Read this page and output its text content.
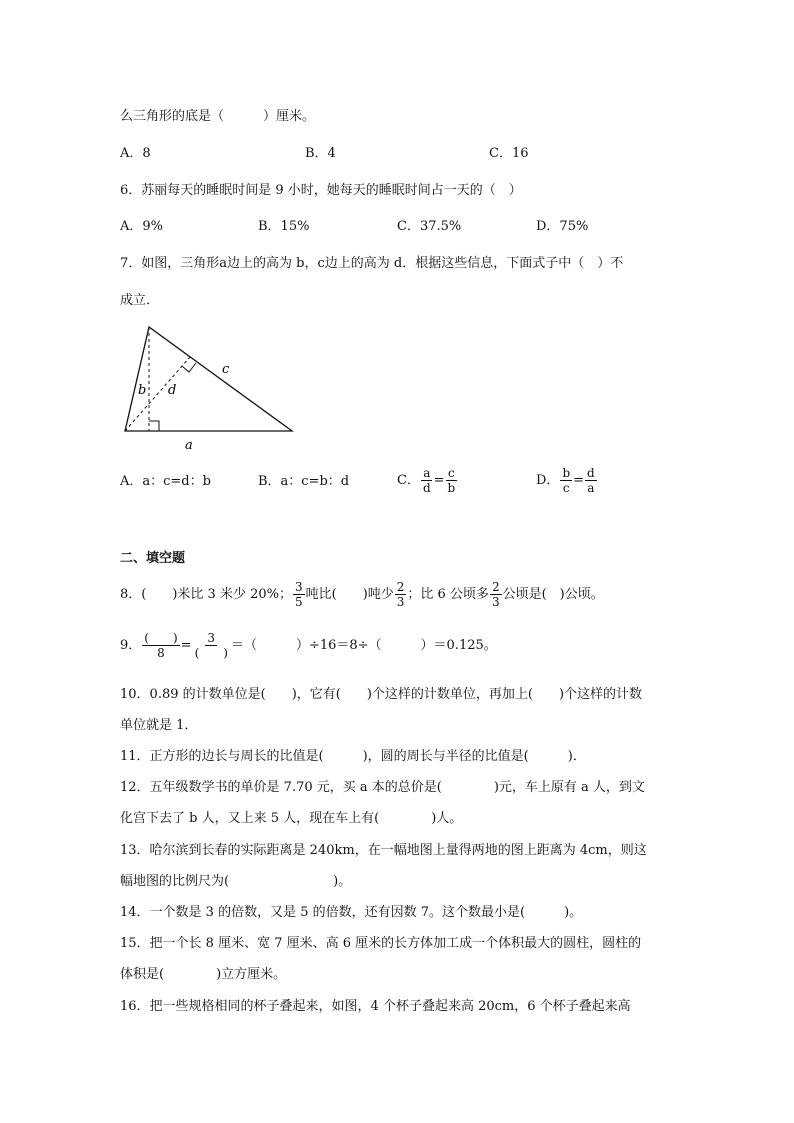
么三角形的底是（　　　）厘米。
A．8	B．4	C．16
6．苏丽每天的睡眠时间是 9 小时，她每天的睡眠时间占一天的（　）
A．9%	B．15%	C．37.5%	D．75%
7．如图，三角形a边上的高为 b，c边上的高为 d．根据这些信息，下面式子中（　）不
成立．
b d
c
a
A．a：c=d：b	B．a：c=b：d	C． $\frac{a}{d} = \frac{c}{b}$	D． $\frac{b}{c} = \frac{d}{a}$
二、填空题
8．(　　)米比 3 米少 20%； $\frac{3}{5}$ 吨比(　　)吨少 $\frac{2}{3}$ ；比 6 公顷多 $\frac{2}{3}$ 公顷是(　)公顷。
9． $\frac{( )}{8} = \frac{3}{( )}$ ＝（　　　）÷16＝8÷（　　　）＝0.125。
10．0.89 的计数单位是(　　)，它有(　　)个这样的计数单位，再加上(　　)个这样的计数
单位就是 1．
11．正方形的边长与周长的比值是(　　　)，圆的周长与半径的比值是(　　　)．
12．五年级数学书的单价是 7.70 元，买 a 本的总价是(　　　　)元，车上原有 a 人，到文
化宫下去了 b 人，又上来 5 人，现在车上有(　　　　)人。
13．哈尔滨到长春的实际距离是 240km，在一幅地图上量得两地的图上距离为 4cm，则这
幅地图的比例尺为(　　　　　　　　)。
14．一个数是 3 的倍数，又是 5 的倍数，还有因数 7。这个数最小是(　　　)。
15．把一个长 8 厘米、宽 7 厘米、高 6 厘米的长方体加工成一个体积最大的圆柱，圆柱的
体积是(　　　　)立方厘米。
16．把一些规格相同的杯子叠起来，如图，4 个杯子叠起来高 20cm，6 个杯子叠起来高
